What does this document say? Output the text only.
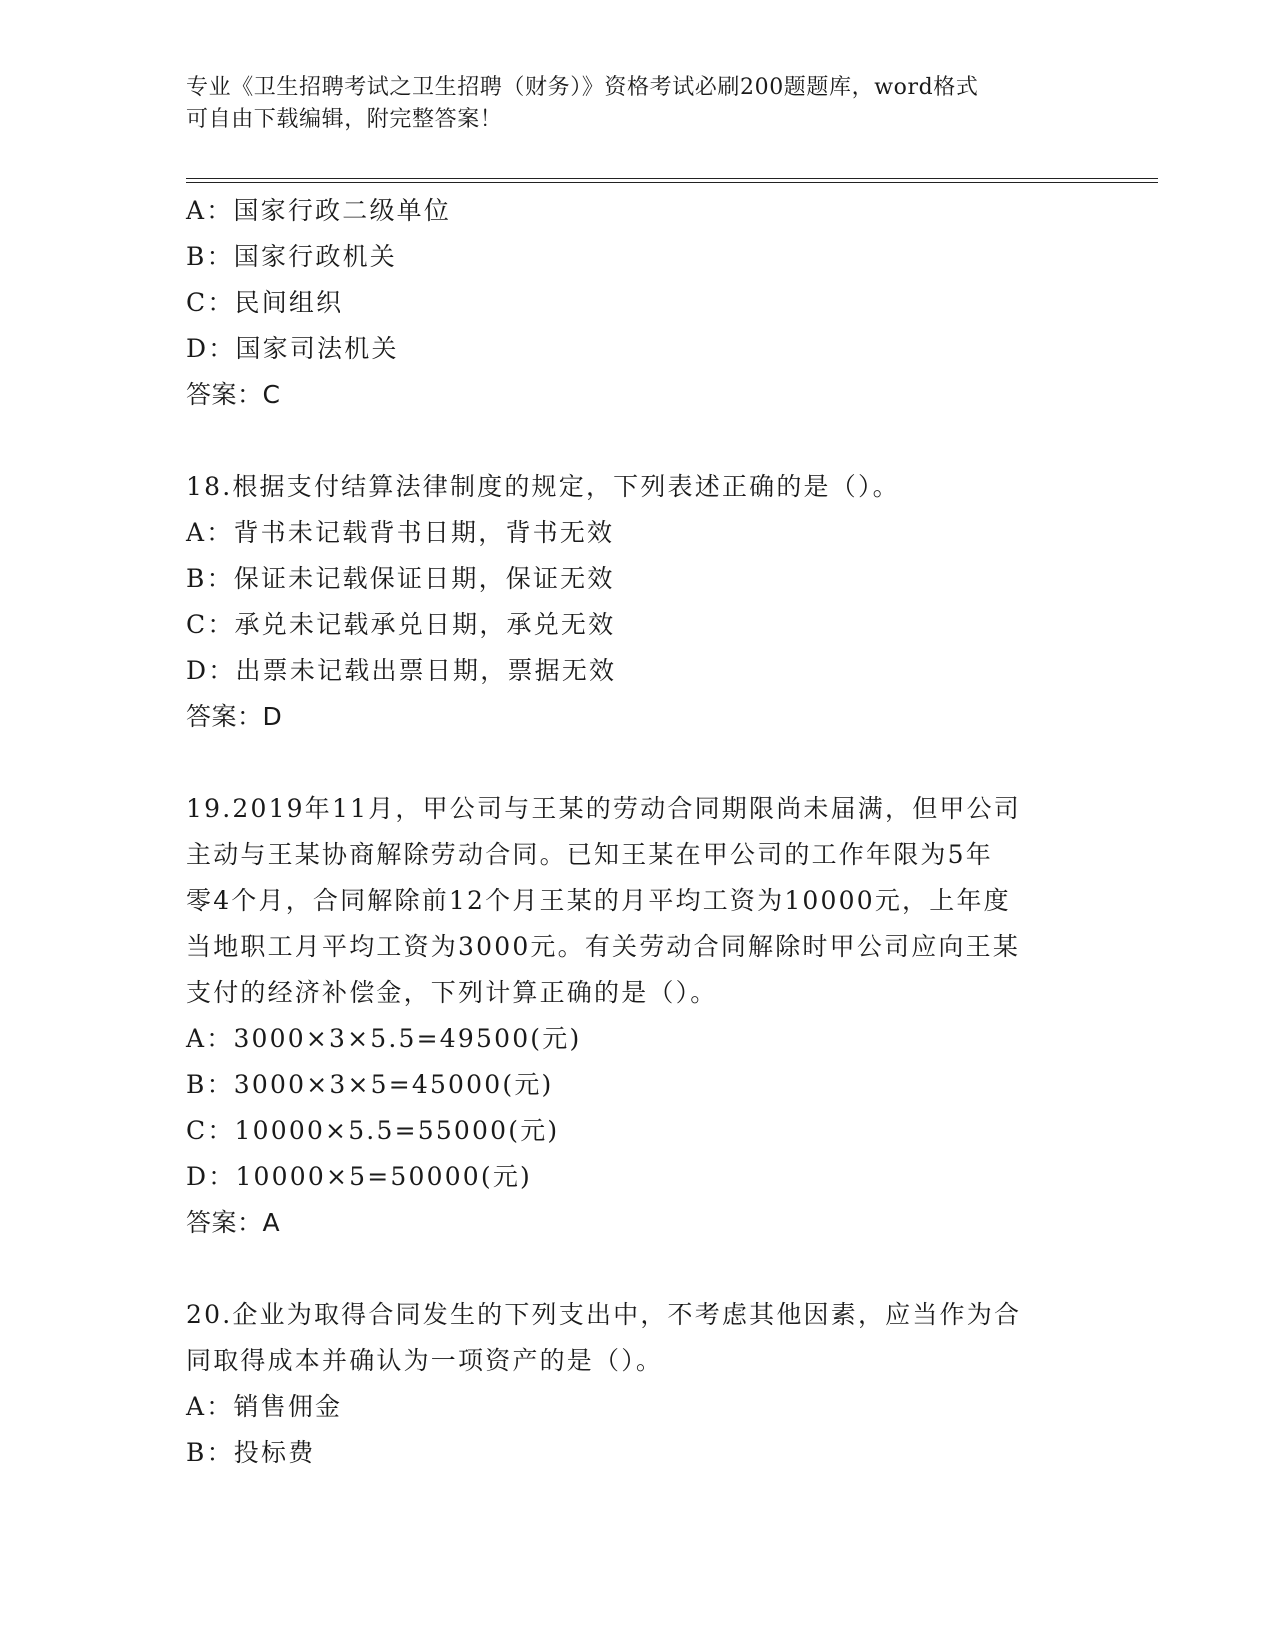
专业《卫生招聘考试之卫生招聘（财务）》资格考试必刷200题题库，word格式
可自由下载编辑，附完整答案！
A：国家行政二级单位
B：国家行政机关
C：民间组织
D：国家司法机关
答案：C
18.根据支付结算法律制度的规定，下列表述正确的是（）。
A：背书未记载背书日期，背书无效
B：保证未记载保证日期，保证无效
C：承兑未记载承兑日期，承兑无效
D：出票未记载出票日期，票据无效
答案：D
19.2019年11月，甲公司与王某的劳动合同期限尚未届满，但甲公司
主动与王某协商解除劳动合同。已知王某在甲公司的工作年限为5年
零4个月，合同解除前12个月王某的月平均工资为10000元，上年度
当地职工月平均工资为3000元。有关劳动合同解除时甲公司应向王某
支付的经济补偿金，下列计算正确的是（）。
A：3000×3×5.5=49500(元)
B：3000×3×5=45000(元)
C：10000×5.5=55000(元)
D：10000×5=50000(元)
答案：A
20.企业为取得合同发生的下列支出中，不考虑其他因素，应当作为合
同取得成本并确认为一项资产的是（）。
A：销售佣金
B：投标费
